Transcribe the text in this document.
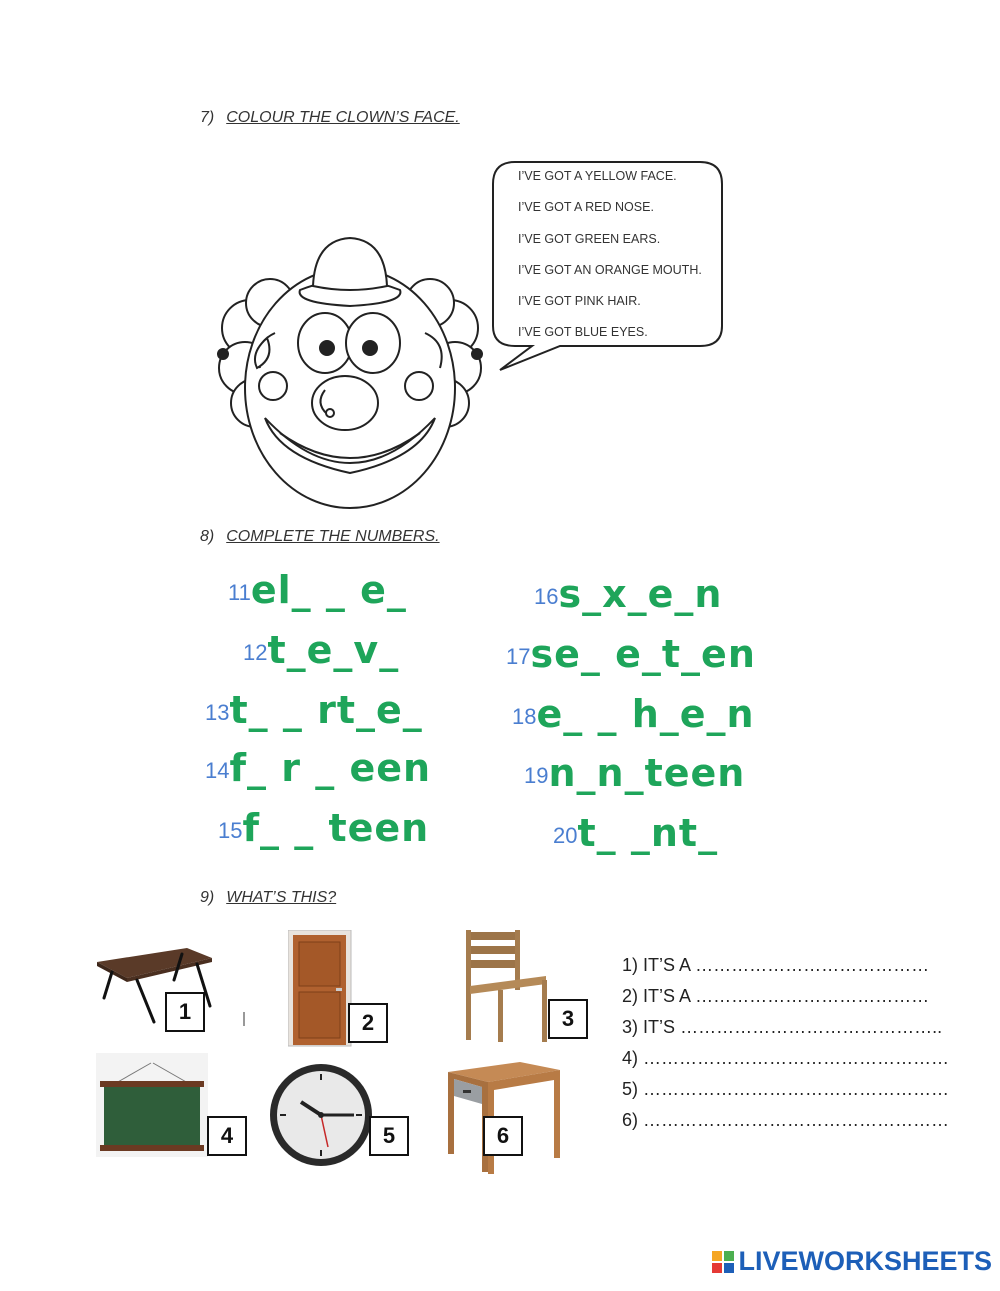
7) COLOUR THE CLOWN’S FACE.
8) COMPLETE THE NUMBERS.
9) WHAT’S THIS?
I’VE GOT A YELLOW FACE.
I’VE GOT A RED NOSE.
I’VE GOT GREEN EARS.
I’VE GOT AN ORANGE MOUTH.
I’VE GOT PINK HAIR.
I’VE GOT BLUE EYES.
11el_ _ e_
12t_e_v_
13t_ _ rt_e_
14f_ r _ een
15f_ _ teen
16s_x_e_n
17se_ e_t_en
18e_ _ h_e_n
19n_n_teen
20t_ _nt_
1	2	3
4	5	6
1) IT’S A …………………………………
2) IT’S A …………………………………
3) IT’S ……………………………………..
4) ……………………………………………
5) ……………………………………………
6) ……………………………………………
LIVEWORKSHEETS
